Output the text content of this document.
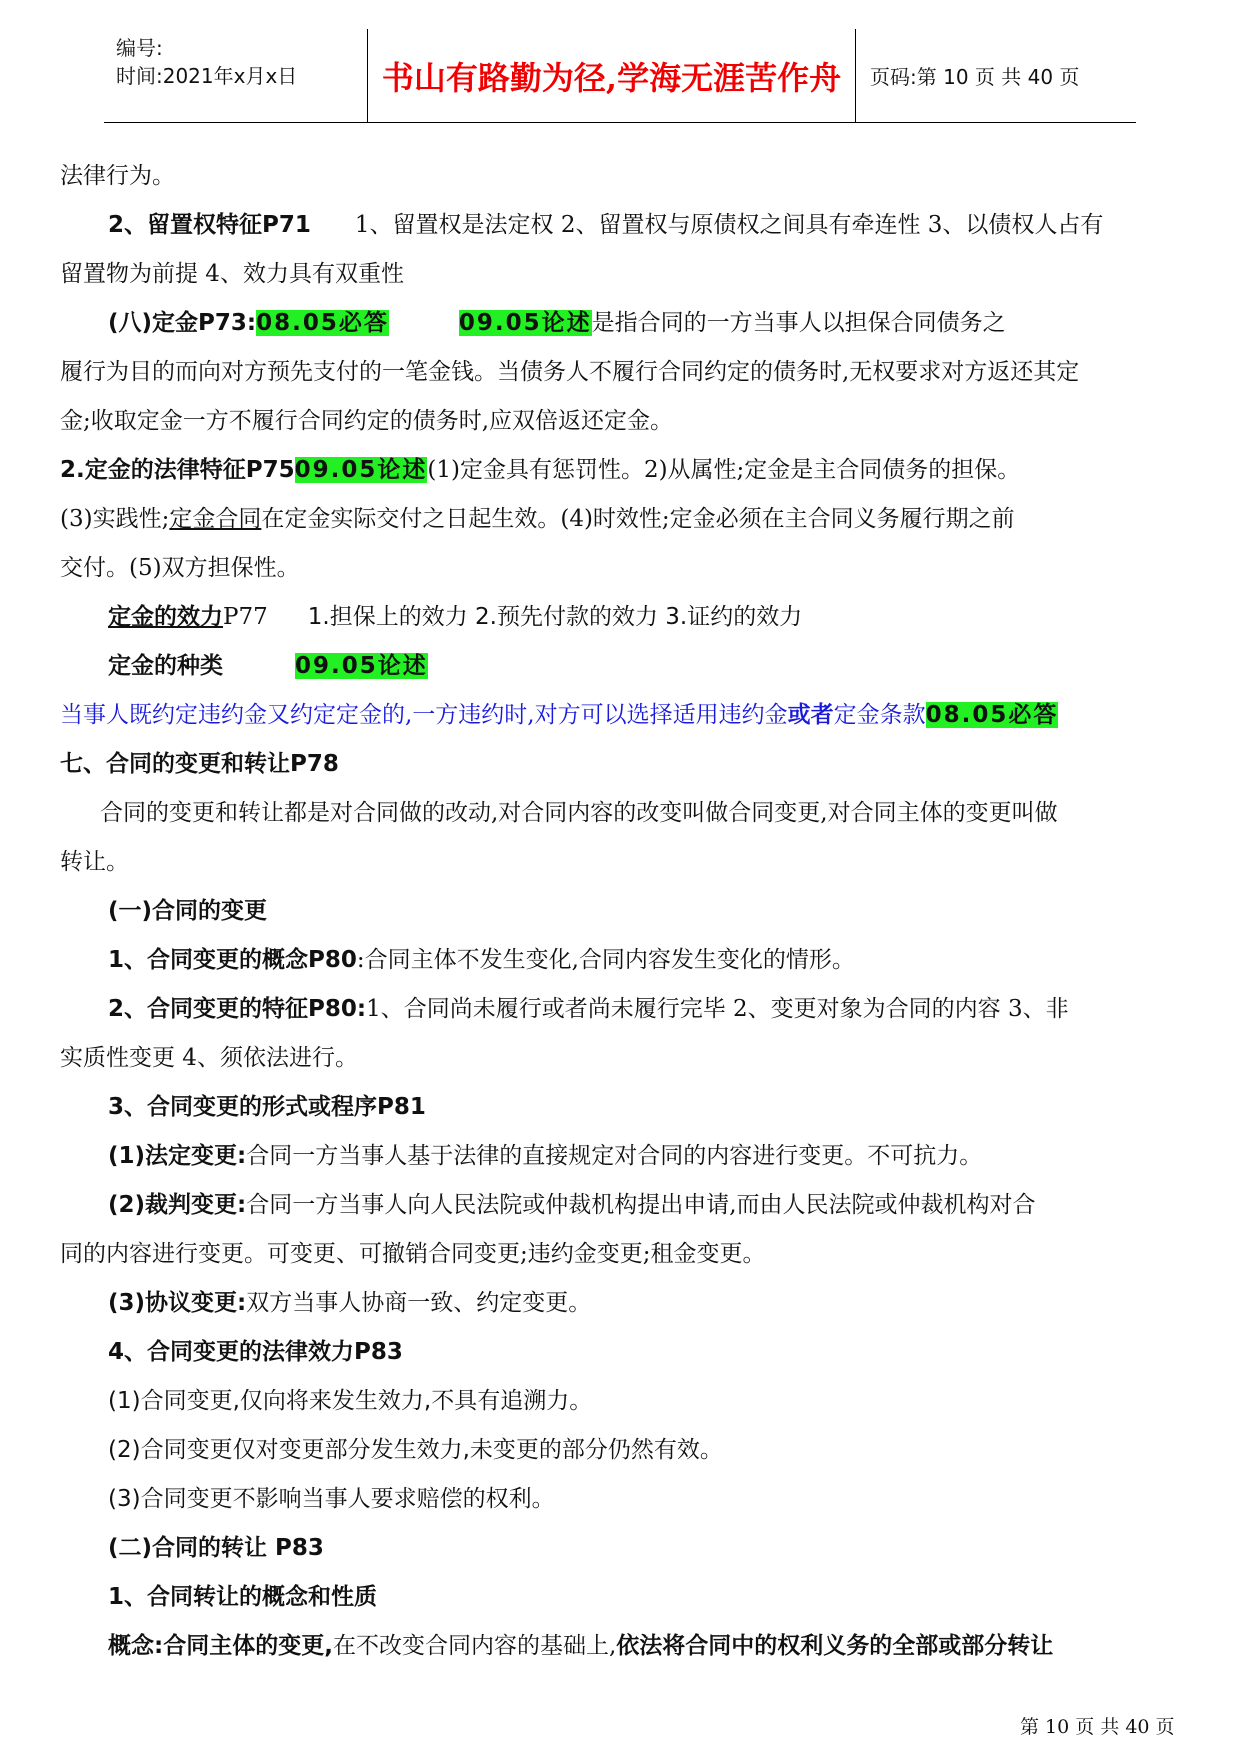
编号:
时间:2021年x月x日	书山有路勤为径,学海无涯苦作舟	页码:第 10 页 共 40 页

法律行为。

2、留置权特征P71 1、留置权是法定权 2、留置权与原债权之间具有牵连性 3、以债权人占有

留置物为前提 4、效力具有双重性

(八)定金P73:08.05必答	09.05论述是指合同的一方当事人以担保合同债务之

履行为目的而向对方预先支付的一笔金钱。当债务人不履行合同约定的债务时,无权要求对方返还其定

金;收取定金一方不履行合同约定的债务时,应双倍返还定金。

2.定金的法律特征P7509.05论述(1)定金具有惩罚性。2)从属性;定金是主合同债务的担保。

(3)实践性;定金合同在定金实际交付之日起生效。(4)时效性;定金必须在主合同义务履行期之前

交付。(5)双方担保性。

定金的效力P77 1.担保上的效力 2.预先付款的效力 3.证约的效力

定金的种类	09.05论述

当事人既约定违约金又约定定金的,一方违约时,对方可以选择适用违约金或者定金条款08.05必答

七、合同的变更和转让P78

合同的变更和转让都是对合同做的改动,对合同内容的改变叫做合同变更,对合同主体的变更叫做

转让。

(一)合同的变更

1、合同变更的概念P80:合同主体不发生变化,合同内容发生变化的情形。

2、合同变更的特征P80:1、合同尚未履行或者尚未履行完毕 2、变更对象为合同的内容 3、非

实质性变更 4、须依法进行。

3、合同变更的形式或程序P81

(1)法定变更:合同一方当事人基于法律的直接规定对合同的内容进行变更。不可抗力。

(2)裁判变更:合同一方当事人向人民法院或仲裁机构提出申请,而由人民法院或仲裁机构对合

同的内容进行变更。可变更、可撤销合同变更;违约金变更;租金变更。

(3)协议变更:双方当事人协商一致、约定变更。

4、合同变更的法律效力P83

(1)合同变更,仅向将来发生效力,不具有追溯力。

(2)合同变更仅对变更部分发生效力,未变更的部分仍然有效。

(3)合同变更不影响当事人要求赔偿的权利。

(二)合同的转让 P83

1、合同转让的概念和性质

概念:合同主体的变更,在不改变合同内容的基础上,依法将合同中的权利义务的全部或部分转让

第 10 页 共 40 页
